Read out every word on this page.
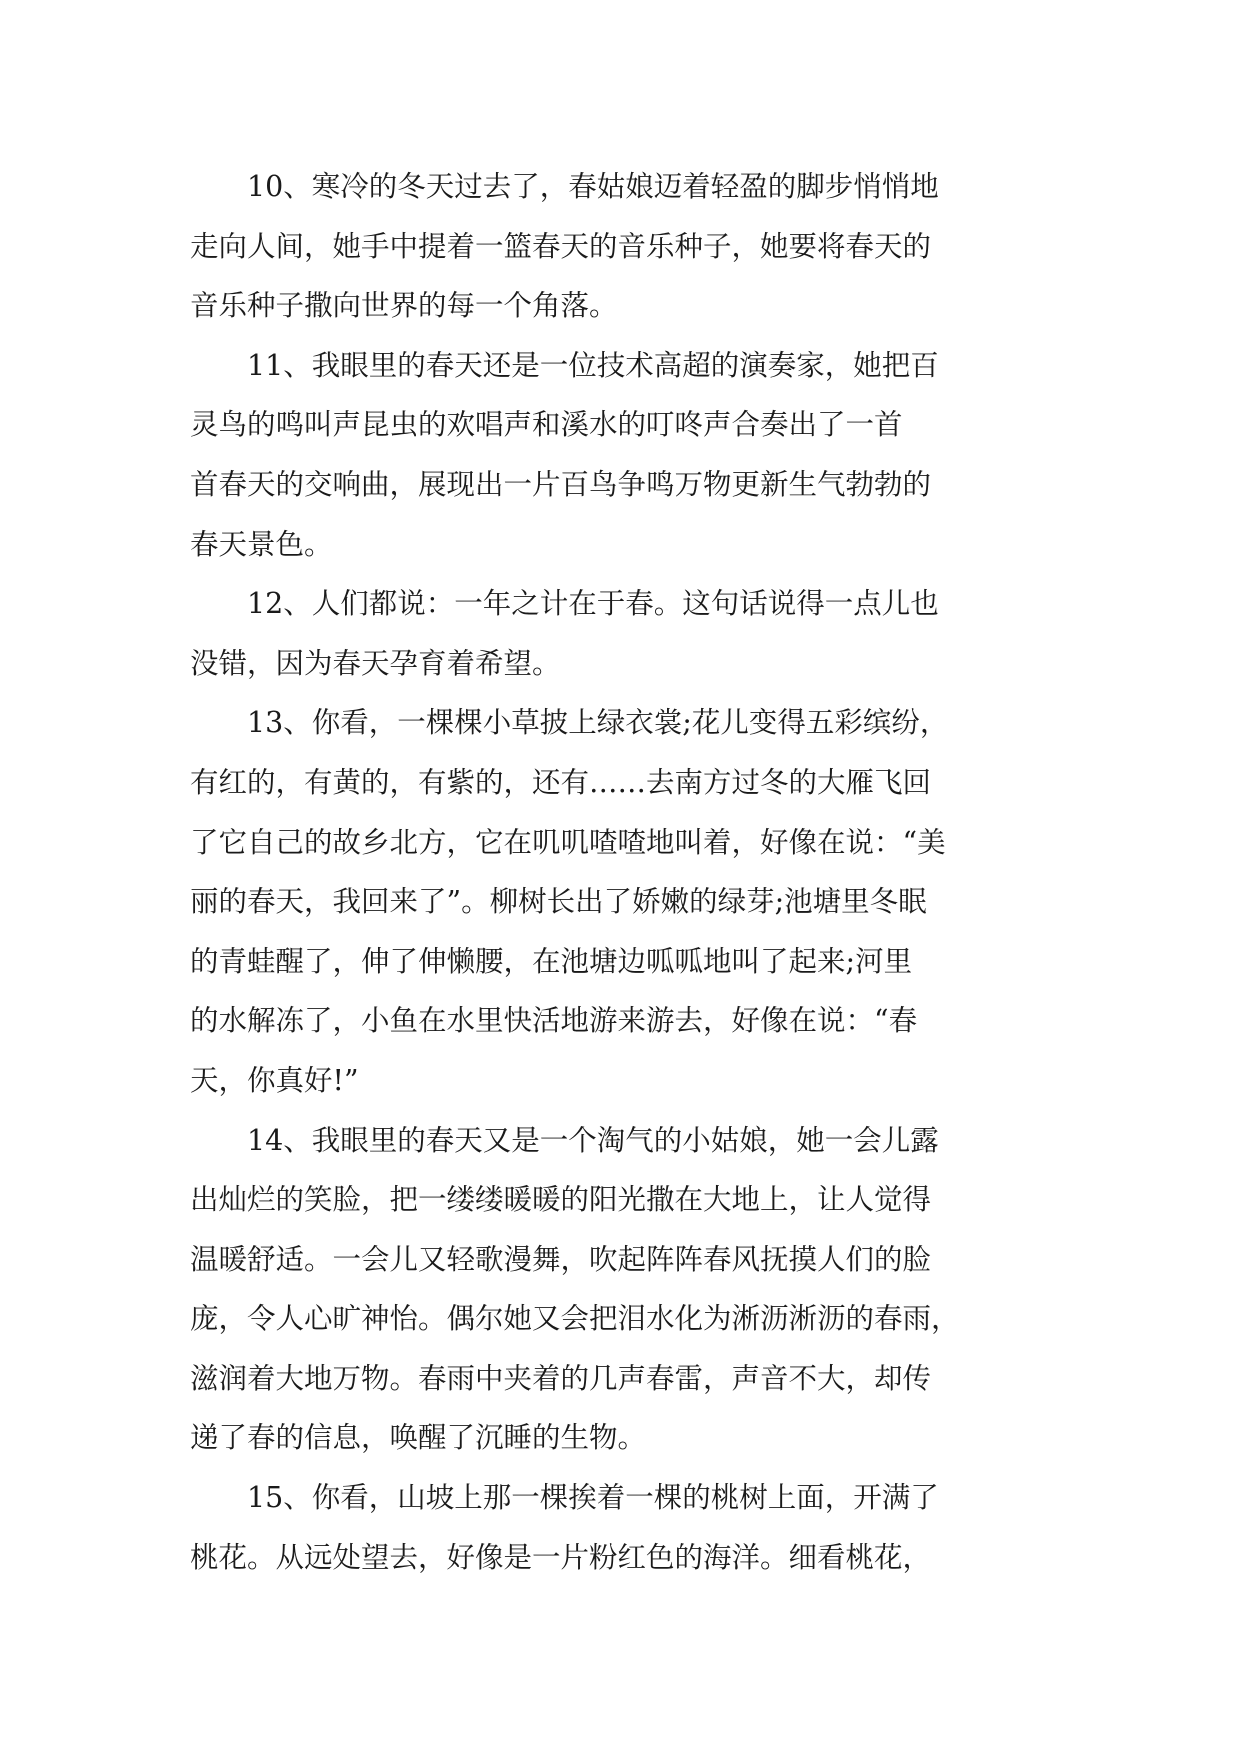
10、寒冷的冬天过去了，春姑娘迈着轻盈的脚步悄悄地
走向人间，她手中提着一篮春天的音乐种子，她要将春天的
音乐种子撒向世界的每一个角落。
11、我眼里的春天还是一位技术高超的演奏家，她把百
灵鸟的鸣叫声昆虫的欢唱声和溪水的叮咚声合奏出了一首
首春天的交响曲，展现出一片百鸟争鸣万物更新生气勃勃的
春天景色。
12、人们都说：一年之计在于春。这句话说得一点儿也
没错，因为春天孕育着希望。
13、你看，一棵棵小草披上绿衣裳;花儿变得五彩缤纷，
有红的，有黄的，有紫的，还有……去南方过冬的大雁飞回
了它自己的故乡北方，它在叽叽喳喳地叫着，好像在说：“美
丽的春天，我回来了”。柳树长出了娇嫩的绿芽;池塘里冬眠
的青蛙醒了，伸了伸懒腰，在池塘边呱呱地叫了起来;河里
的水解冻了，小鱼在水里快活地游来游去，好像在说：“春
天，你真好!”
14、我眼里的春天又是一个淘气的小姑娘，她一会儿露
出灿烂的笑脸，把一缕缕暖暖的阳光撒在大地上，让人觉得
温暖舒适。一会儿又轻歌漫舞，吹起阵阵春风抚摸人们的脸
庞，令人心旷神怡。偶尔她又会把泪水化为淅沥淅沥的春雨，
滋润着大地万物。春雨中夹着的几声春雷，声音不大，却传
递了春的信息，唤醒了沉睡的生物。
15、你看，山坡上那一棵挨着一棵的桃树上面，开满了
桃花。从远处望去，好像是一片粉红色的海洋。细看桃花，
